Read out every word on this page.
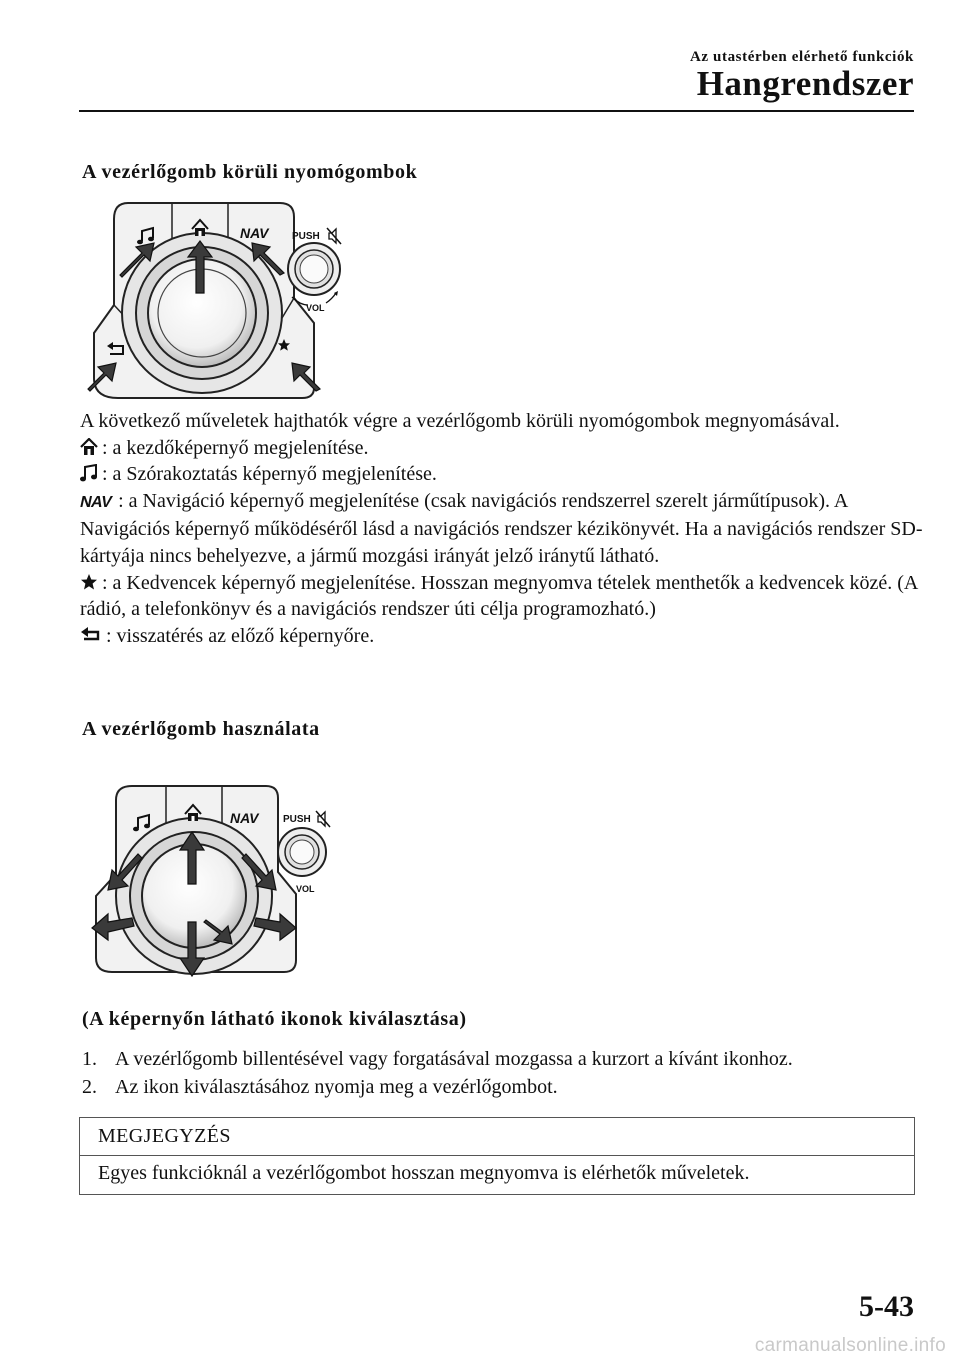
Az utastérben elérhető funkciók
Hangrendszer
A vezérlőgomb körüli nyomógombok
NAV PUSH
VOL

A következő műveletek hajthatók végre a vezérlőgomb körüli nyomógombok megnyomásával.

: a kezdőképernyő megjelenítése.

: a Szórakoztatás képernyő megjelenítése.

NAV : a Navigáció képernyő megjelenítése (csak navigációs rendszerrel szerelt járműtípusok). A Navigációs képernyő működéséről lásd a navigációs rendszer kézikönyvét. Ha a navigációs rendszer SD-kártyája nincs behelyezve, a jármű mozgási irányát jelző iránytű látható.

: a Kedvencek képernyő megjelenítése. Hosszan megnyomva tételek menthetők a kedvencek közé. (A rádió, a telefonkönyv és a navigációs rendszer úti célja programozható.)

: visszatérés az előző képernyőre.

A vezérlőgomb használata
NAV PUSH
VOL
(A képernyőn látható ikonok kiválasztása)
1. A vezérlőgomb billentésével vagy forgatásával mozgassa a kurzort a kívánt ikonhoz.
2. Az ikon kiválasztásához nyomja meg a vezérlőgombot.
MEGJEGYZÉS
Egyes funkcióknál a vezérlőgombot hosszan megnyomva is elérhetők műveletek.
5-43
carmanualsonline.info
